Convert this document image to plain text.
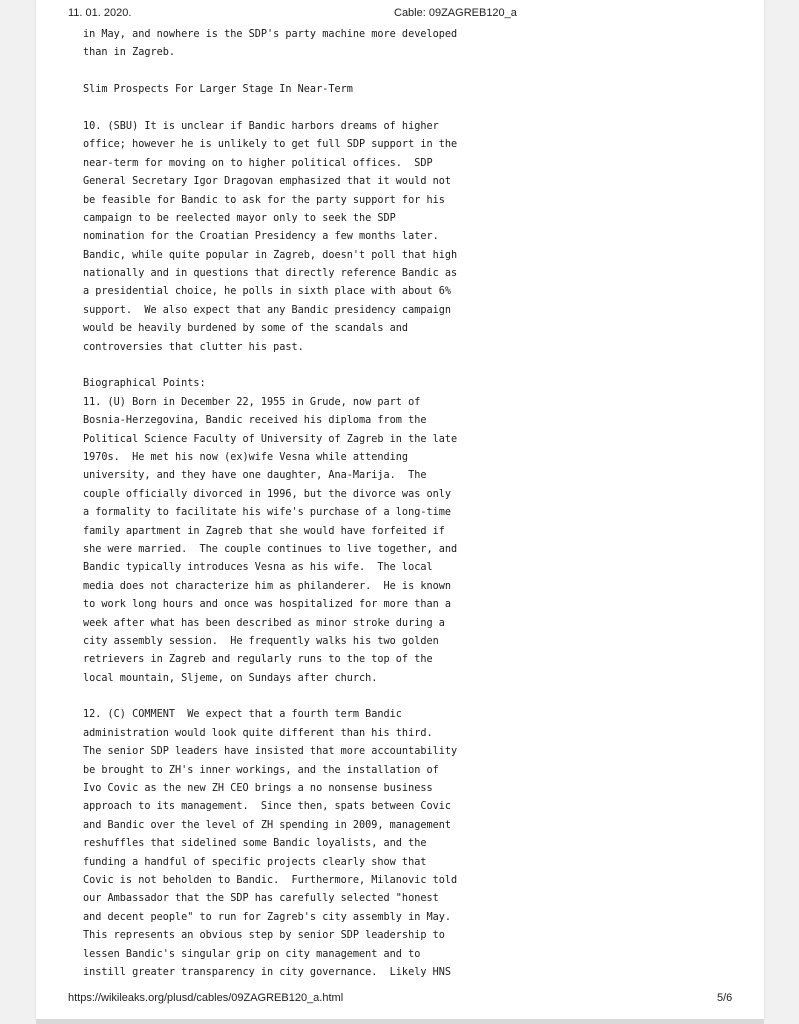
11. 01. 2020.	Cable: 09ZAGREB120_a
in May, and nowhere is the SDP's party machine more developed
than in Zagreb.
Slim Prospects For Larger Stage In Near-Term
10. (SBU) It is unclear if Bandic harbors dreams of higher
office; however he is unlikely to get full SDP support in the
near-term for moving on to higher political offices.  SDP
General Secretary Igor Dragovan emphasized that it would not
be feasible for Bandic to ask for the party support for his
campaign to be reelected mayor only to seek the SDP
nomination for the Croatian Presidency a few months later.
Bandic, while quite popular in Zagreb, doesn't poll that high
nationally and in questions that directly reference Bandic as
a presidential choice, he polls in sixth place with about 6%
support.  We also expect that any Bandic presidency campaign
would be heavily burdened by some of the scandals and
controversies that clutter his past.
Biographical Points:
11. (U) Born in December 22, 1955 in Grude, now part of
Bosnia-Herzegovina, Bandic received his diploma from the
Political Science Faculty of University of Zagreb in the late
1970s.  He met his now (ex)wife Vesna while attending
university, and they have one daughter, Ana-Marija.  The
couple officially divorced in 1996, but the divorce was only
a formality to facilitate his wife's purchase of a long-time
family apartment in Zagreb that she would have forfeited if
she were married.  The couple continues to live together, and
Bandic typically introduces Vesna as his wife.  The local
media does not characterize him as philanderer.  He is known
to work long hours and once was hospitalized for more than a
week after what has been described as minor stroke during a
city assembly session.  He frequently walks his two golden
retrievers in Zagreb and regularly runs to the top of the
local mountain, Sljeme, on Sundays after church.
12. (C) COMMENT  We expect that a fourth term Bandic
administration would look quite different than his third.
The senior SDP leaders have insisted that more accountability
be brought to ZH's inner workings, and the installation of
Ivo Covic as the new ZH CEO brings a no nonsense business
approach to its management.  Since then, spats between Covic
and Bandic over the level of ZH spending in 2009, management
reshuffles that sidelined some Bandic loyalists, and the
funding a handful of specific projects clearly show that
Covic is not beholden to Bandic.  Furthermore, Milanovic told
our Ambassador that the SDP has carefully selected "honest
and decent people" to run for Zagreb's city assembly in May.
This represents an obvious step by senior SDP leadership to
lessen Bandic's singular grip on city management and to
instill greater transparency in city governance.  Likely HNS
https://wikileaks.org/plusd/cables/09ZAGREB120_a.html	5/6
